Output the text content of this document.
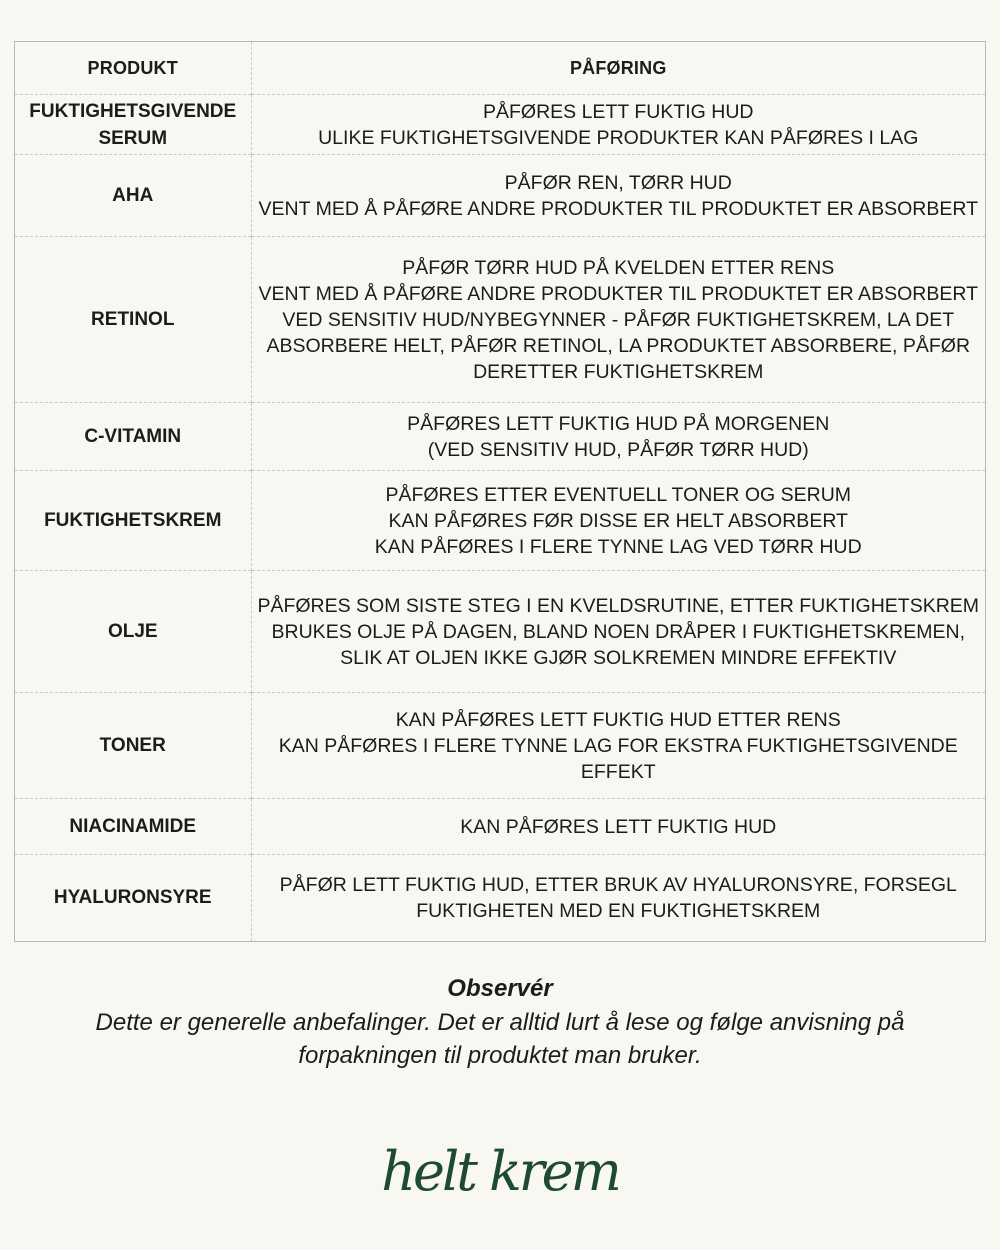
PRODUKT	PÅFØRING
FUKTIGHETSGIVENDE SERUM	PÅFØRES LETT FUKTIG HUD
ULIKE FUKTIGHETSGIVENDE PRODUKTER KAN PÅFØRES I LAG

AHA	PÅFØR REN, TØRR HUD
VENT MED Å PÅFØRE ANDRE PRODUKTER TIL PRODUKTET ER ABSORBERT

RETINOL	PÅFØR TØRR HUD PÅ KVELDEN ETTER RENS
VENT MED Å PÅFØRE ANDRE PRODUKTER TIL PRODUKTET ER ABSORBERT
VED SENSITIV HUD/NYBEGYNNER - PÅFØR FUKTIGHETSKREM, LA DET ABSORBERE HELT, PÅFØR RETINOL, LA PRODUKTET ABSORBERE, PÅFØR DERETTER FUKTIGHETSKREM

C-VITAMIN	PÅFØRES LETT FUKTIG HUD PÅ MORGENEN
(VED SENSITIV HUD, PÅFØR TØRR HUD)

FUKTIGHETSKREM	PÅFØRES ETTER EVENTUELL TONER OG SERUM
KAN PÅFØRES FØR DISSE ER HELT ABSORBERT
KAN PÅFØRES I FLERE TYNNE LAG VED TØRR HUD

OLJE	PÅFØRES SOM SISTE STEG I EN KVELDSRUTINE, ETTER FUKTIGHETSKREM
BRUKES OLJE PÅ DAGEN, BLAND NOEN DRÅPER I FUKTIGHETSKREMEN, SLIK AT OLJEN IKKE GJØR SOLKREMEN MINDRE EFFEKTIV

TONER	KAN PÅFØRES LETT FUKTIG HUD ETTER RENS
KAN PÅFØRES I FLERE TYNNE LAG FOR EKSTRA FUKTIGHETSGIVENDE EFFEKT

NIACINAMIDE	KAN PÅFØRES LETT FUKTIG HUD

HYALURONSYRE	PÅFØR LETT FUKTIG HUD, ETTER BRUK AV HYALURONSYRE, FORSEGL FUKTIGHETEN MED EN FUKTIGHETSKREM
Observér
Dette er generelle anbefalinger. Det er alltid lurt å lese og følge anvisning på forpakningen til produktet man bruker.
helt krem
